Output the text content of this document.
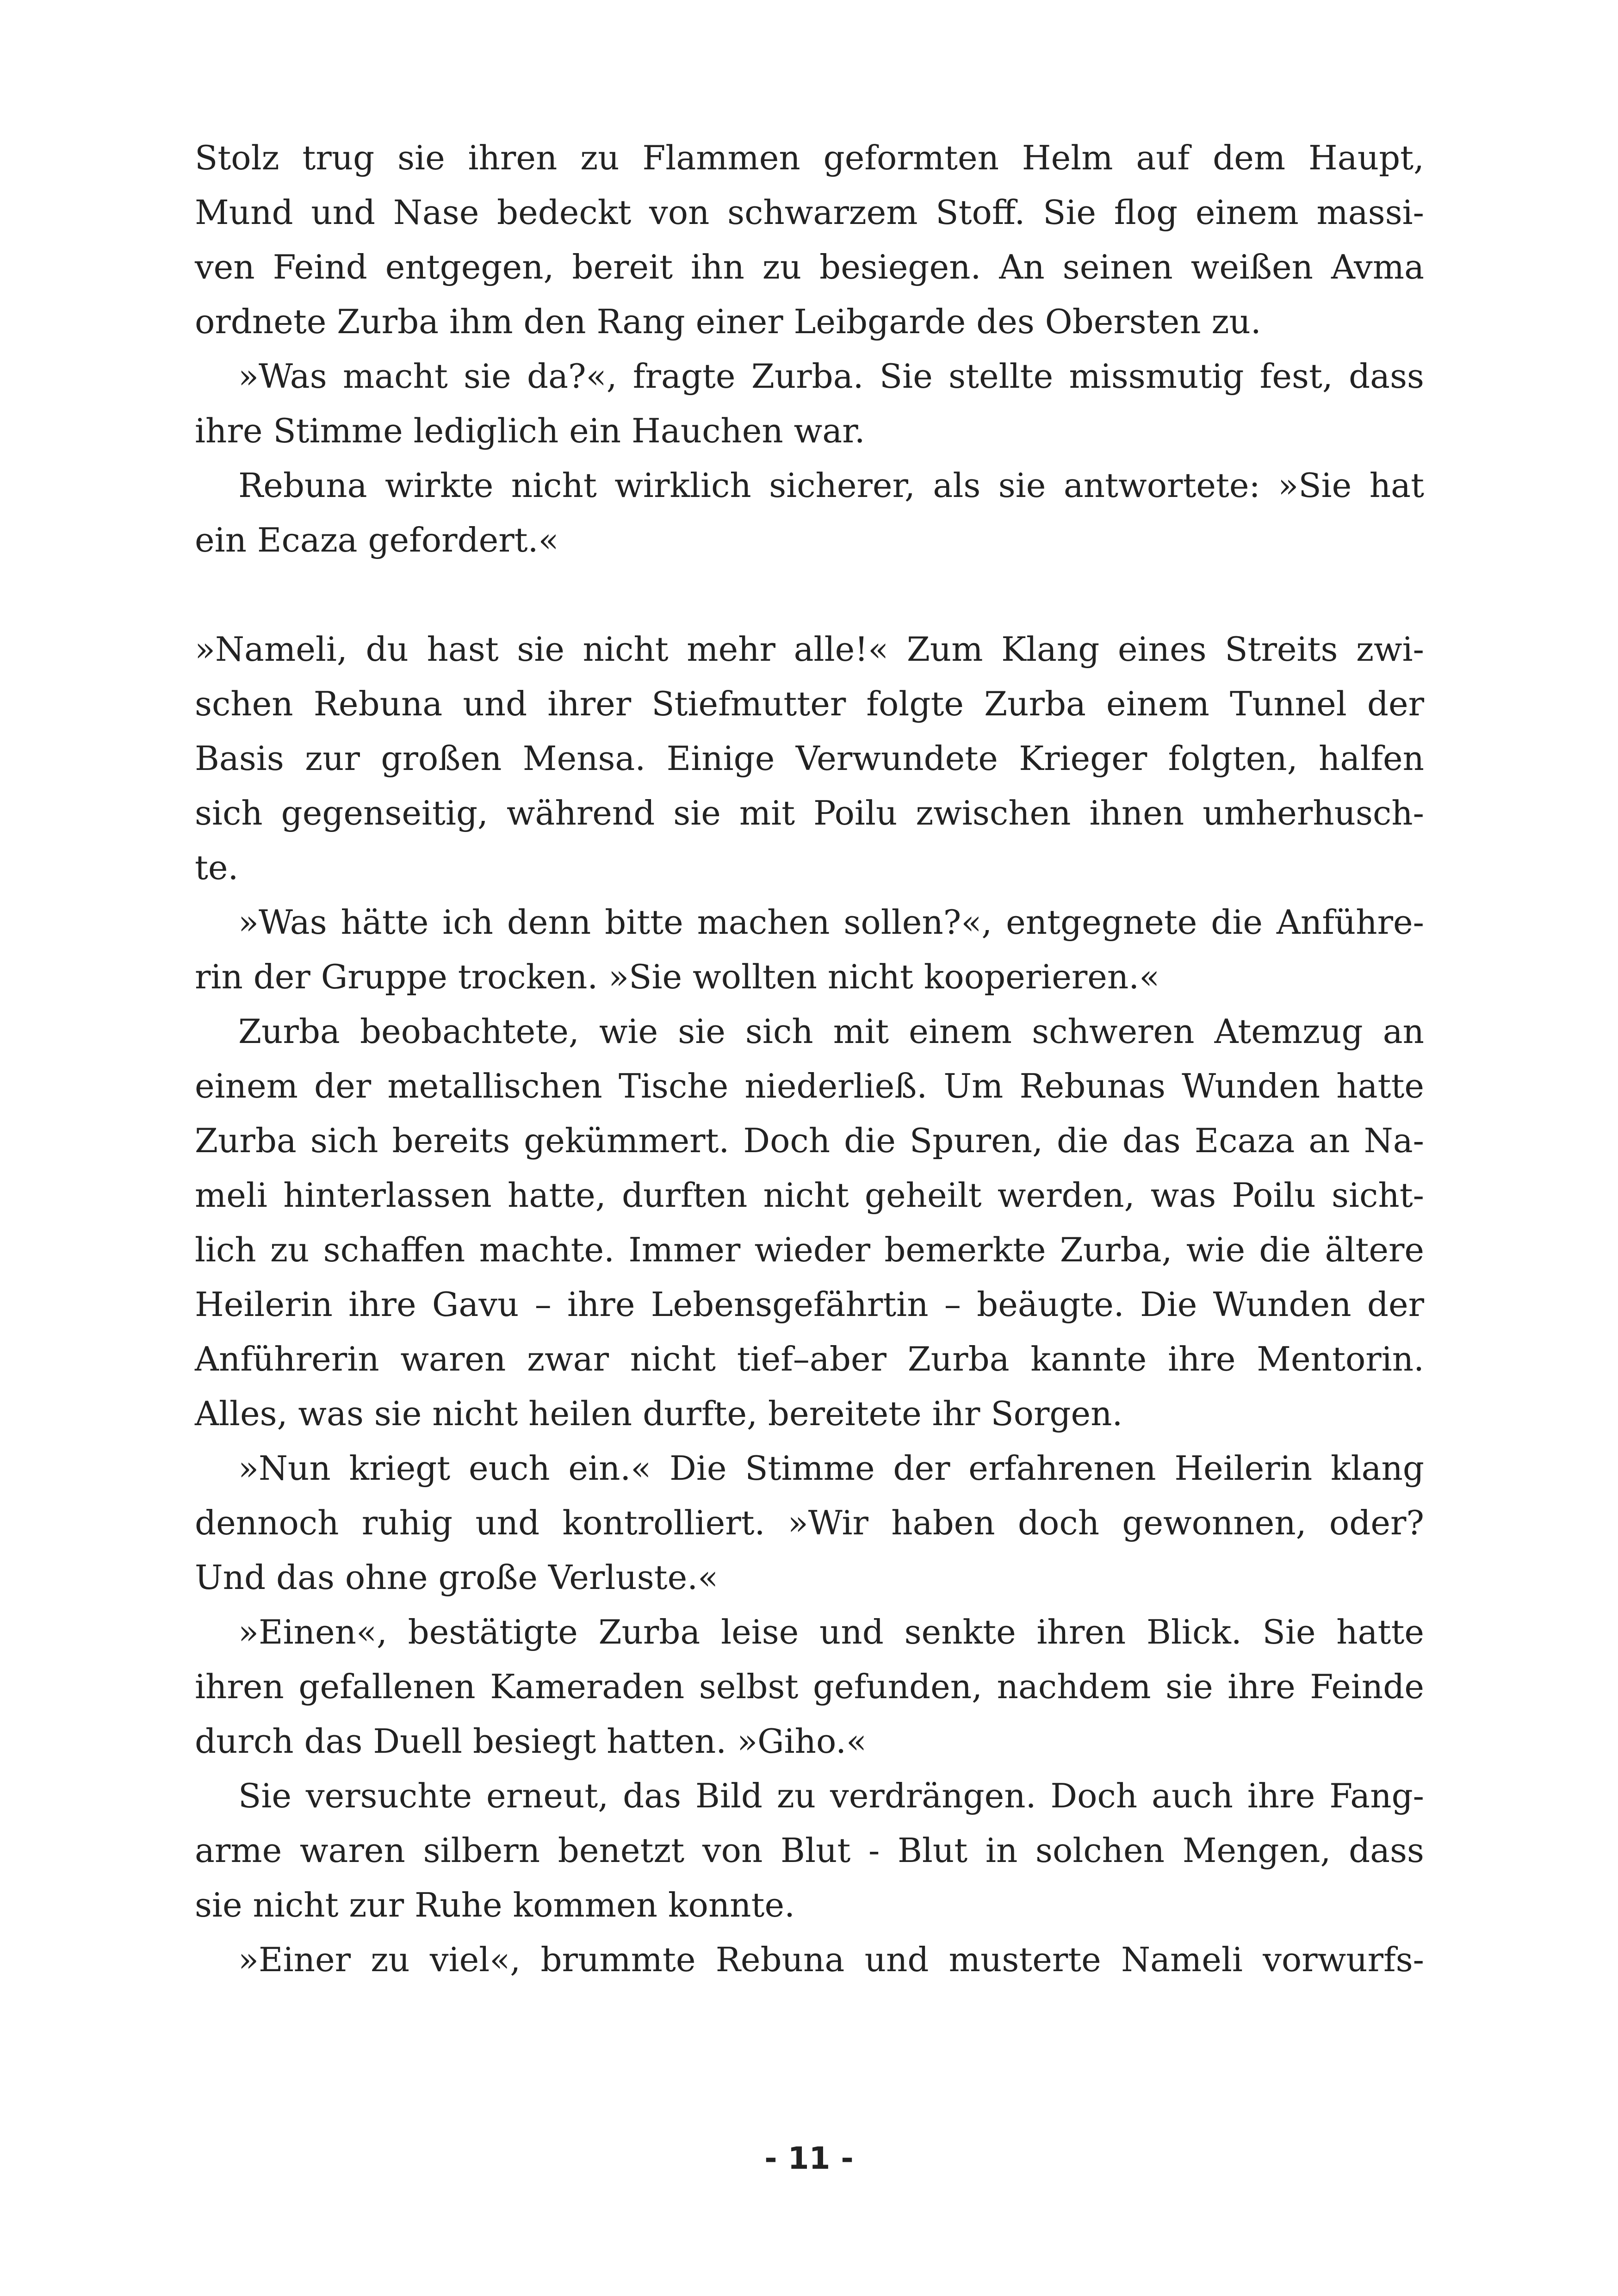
Stolz trug sie ihren zu Flammen geformten Helm auf dem Haupt,
Mund und Nase bedeckt von schwarzem Stoff. Sie flog einem massi-
ven Feind entgegen, bereit ihn zu besiegen. An seinen weißen Avma
ordnete Zurba ihm den Rang einer Leibgarde des Obersten zu.
»Was macht sie da?«, fragte Zurba. Sie stellte missmutig fest, dass
ihre Stimme lediglich ein Hauchen war.
Rebuna wirkte nicht wirklich sicherer, als sie antwortete: »Sie hat
ein Ecaza gefordert.«
»Nameli, du hast sie nicht mehr alle!« Zum Klang eines Streits zwi-
schen Rebuna und ihrer Stiefmutter folgte Zurba einem Tunnel der
Basis zur großen Mensa. Einige Verwundete Krieger folgten, halfen
sich gegenseitig, während sie mit Poilu zwischen ihnen umherhusch-
te.
»Was hätte ich denn bitte machen sollen?«, entgegnete die Anführe-
rin der Gruppe trocken. »Sie wollten nicht kooperieren.«
Zurba beobachtete, wie sie sich mit einem schweren Atemzug an
einem der metallischen Tische niederließ. Um Rebunas Wunden hatte
Zurba sich bereits gekümmert. Doch die Spuren, die das Ecaza an Na-
meli hinterlassen hatte, durften nicht geheilt werden, was Poilu sicht-
lich zu schaffen machte. Immer wieder bemerkte Zurba, wie die ältere
Heilerin ihre Gavu – ihre Lebensgefährtin – beäugte. Die Wunden der
Anführerin waren zwar nicht tief–aber Zurba kannte ihre Mentorin.
Alles, was sie nicht heilen durfte, bereitete ihr Sorgen.
»Nun kriegt euch ein.« Die Stimme der erfahrenen Heilerin klang
dennoch ruhig und kontrolliert. »Wir haben doch gewonnen, oder?
Und das ohne große Verluste.«
»Einen«, bestätigte Zurba leise und senkte ihren Blick. Sie hatte
ihren gefallenen Kameraden selbst gefunden, nachdem sie ihre Feinde
durch das Duell besiegt hatten. »Giho.«
Sie versuchte erneut, das Bild zu verdrängen. Doch auch ihre Fang-
arme waren silbern benetzt von Blut - Blut in solchen Mengen, dass
sie nicht zur Ruhe kommen konnte.
»Einer zu viel«, brummte Rebuna und musterte Nameli vorwurfs-
- 11 -
